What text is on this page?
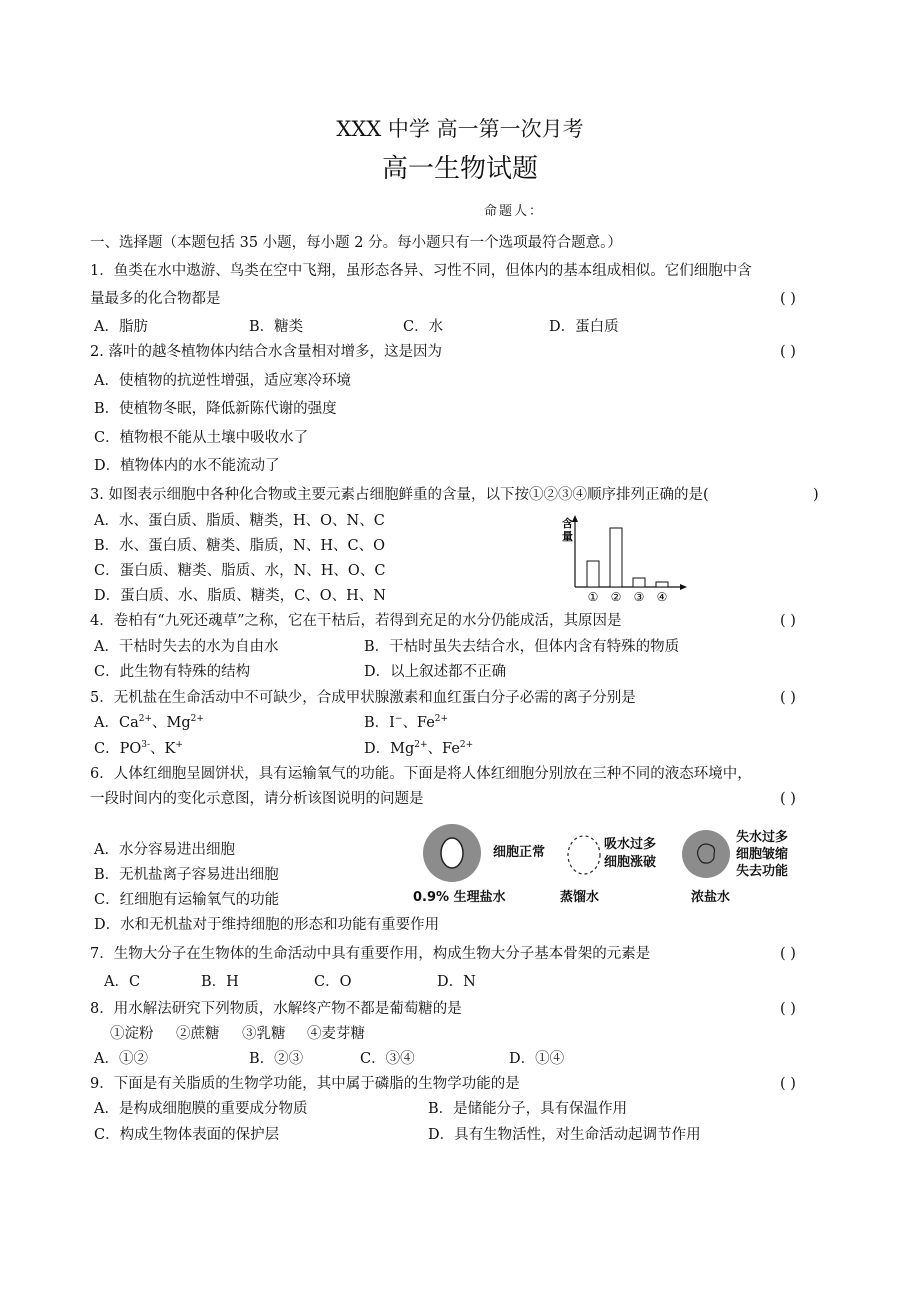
XXX 中学 高一第一次月考
高一生物试题
命题人：
一、选择题（本题包括 35 小题，每小题 2 分。每小题只有一个选项最符合题意。）
1．鱼类在水中遨游、鸟类在空中飞翔，虽形态各异、习性不同，但体内的基本组成相似。它们细胞中含
量最多的化合物都是	( )
A．脂肪	B．糖类	C．水	D．蛋白质
2. 落叶的越冬植物体内结合水含量相对增多，这是因为	( )
A．使植物的抗逆性增强，适应寒冷环境
B．使植物冬眠，降低新陈代谢的强度
C．植物根不能从土壤中吸收水了
D．植物体内的水不能流动了
3. 如图表示细胞中各种化合物或主要元素占细胞鲜重的含量，以下按①②③④顺序排列正确的是(	)
A．水、蛋白质、脂质、糖类，H、O、N、C
B．水、蛋白质、糖类、脂质，N、H、C、O
C．蛋白质、糖类、脂质、水，N、H、O、C
D．蛋白质、水、脂质、糖类，C、O、H、N
含
量
① ② ③ ④
4．卷柏有“九死还魂草”之称，它在干枯后，若得到充足的水分仍能成活，其原因是	( )
A．干枯时失去的水为自由水	B．干枯时虽失去结合水，但体内含有特殊的物质
C．此生物有特殊的结构	D．以上叙述都不正确
5．无机盐在生命活动中不可缺少，合成甲状腺激素和血红蛋白分子必需的离子分别是	( )
A．$Ca^{2+}$、$Mg^{2+}$	B．I−、$Fe^{2+}$
C．$PO^{3-}$、K+	D．$Mg^{2+}$、$Fe^{2+}$
6．人体红细胞呈圆饼状，具有运输氧气的功能。下面是将人体红细胞分别放在三种不同的液态环境中，
一段时间内的变化示意图，请分析该图说明的问题是	( )
A．水分容易进出细胞
B．无机盐离子容易进出细胞
C．红细胞有运输氧气的功能
D．水和无机盐对于维持细胞的形态和功能有重要作用
细胞正常
0.9% 生理盐水
吸水过多
细胞涨破
蒸馏水
失水过多
细胞皱缩
失去功能
浓盐水
7．生物大分子在生物体的生命活动中具有重要作用，构成生物大分子基本骨架的元素是	( )
A．C	B．H	C．O	D．N
8．用水解法研究下列物质，水解终产物不都是葡萄糖的是	( )
①淀粉 ②蔗糖 ③乳糖 ④麦芽糖
A．①②	B．②③	C．③④	D．①④
9．下面是有关脂质的生物学功能，其中属于磷脂的生物学功能的是	( )
A．是构成细胞膜的重要成分物质	B．是储能分子，具有保温作用
C．构成生物体表面的保护层	D．具有生物活性，对生命活动起调节作用
